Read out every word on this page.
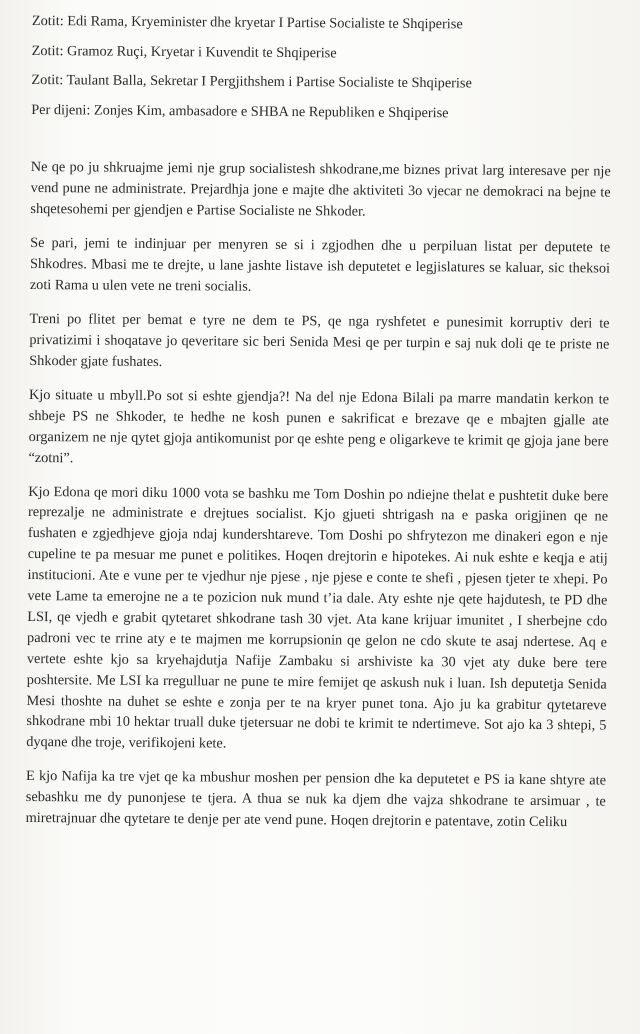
Zotit: Edi Rama, Kryeminister dhe kryetar I Partise Socialiste te Shqiperise
Zotit: Gramoz Ruçi, Kryetar i Kuvendit te Shqiperise
Zotit: Taulant Balla, Sekretar I Pergjithshem i Partise Socialiste te Shqiperise
Per dijeni: Zonjes Kim, ambasadore e SHBA ne Republiken e Shqiperise

Ne qe po ju shkruajme jemi nje grup socialistesh shkodrane,me biznes privat larg interesave per nje vend pune ne administrate. Prejardhja jone e majte dhe aktiviteti 3o vjecar ne demokraci na bejne te shqetesohemi per gjendjen e Partise Socialiste ne Shkoder.

Se pari, jemi te indinjuar per menyren se si i zgjodhen dhe u perpiluan listat per deputete te Shkodres. Mbasi me te drejte, u lane jashte listave ish deputetet e legjislatures se kaluar, sic theksoi zoti Rama u ulen vete ne treni socialis.

Treni po flitet per bemat e tyre ne dem te PS, qe nga ryshfetet e punesimit korruptiv deri te privatizimi i shoqatave jo qeveritare sic beri Senida Mesi qe per turpin e saj nuk doli qe te priste ne Shkoder gjate fushates.

Kjo situate u mbyll.Po sot si eshte gjendja?! Na del nje Edona Bilali pa marre mandatin kerkon te shbeje PS ne Shkoder, te hedhe ne kosh punen e sakrificat e brezave qe e mbajten gjalle ate organizem ne nje qytet gjoja antikomunist por qe eshte peng e oligarkeve te krimit qe gjoja jane bere “zotni”.

Kjo Edona qe mori diku 1000 vota se bashku me Tom Doshin po ndiejne thelat e pushtetit duke bere reprezalje ne administrate e drejtues socialist. Kjo gjueti shtrigash na e paska origjinen qe ne fushaten e zgjedhjeve gjoja ndaj kundershtareve. Tom Doshi po shfrytezon me dinakeri egon e nje cupeline te pa mesuar me punet e politikes. Hoqen drejtorin e hipotekes. Ai nuk eshte e keqja e atij institucioni. Ate e vune per te vjedhur nje pjese , nje pjese e conte te shefi , pjesen tjeter te xhepi. Po vete Lame ta emerojne ne a te pozicion nuk mund t’ia dale. Aty eshte nje qete hajdutesh, te PD dhe LSI, qe vjedh e grabit qytetaret shkodrane tash 30 vjet. Ata kane krijuar imunitet , I sherbejne cdo padroni vec te rrine aty e te majmen me korrupsionin qe gelon ne cdo skute te asaj ndertese. Aq e vertete eshte kjo sa kryehajdutja Nafije Zambaku si arshiviste ka 30 vjet aty duke bere tere poshtersite. Me LSI ka rregulluar ne pune te mire femijet qe askush nuk i luan. Ish deputetja Senida Mesi thoshte na duhet se eshte e zonja per te na kryer punet tona. Ajo ju ka grabitur qytetareve shkodrane mbi 10 hektar truall duke tjetersuar ne dobi te krimit te ndertimeve. Sot ajo ka 3 shtepi, 5 dyqane dhe troje, verifikojeni kete.

E kjo Nafija ka tre vjet qe ka mbushur moshen per pension dhe ka deputetet e PS ia kane shtyre ate sebashku me dy punonjese te tjera. A thua se nuk ka djem dhe vajza shkodrane te arsimuar , te miretrajnuar dhe qytetare te denje per ate vend pune. Hoqen drejtorin e patentave, zotin Celiku
